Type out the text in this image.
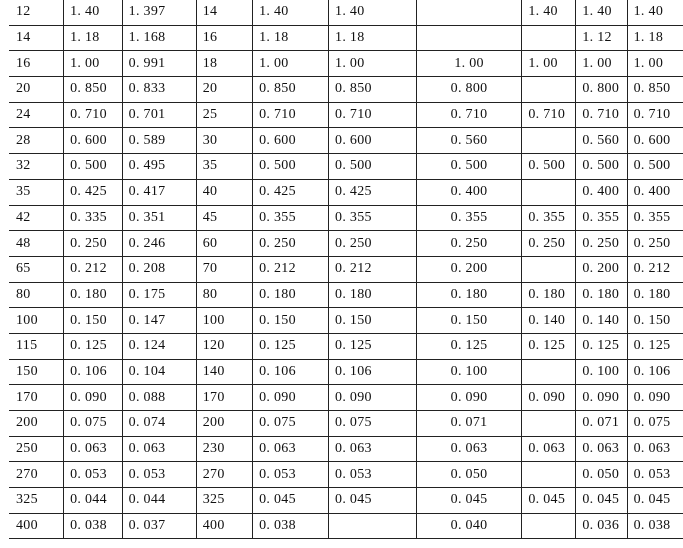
12	1. 40	1. 397	14	1. 40	1. 40		1. 40	1. 40	1. 40
14	1. 18	1. 168	16	1. 18	1. 18			1. 12	1. 18
16	1. 00	0. 991	18	1. 00	1. 00	1. 00	1. 00	1. 00	1. 00
20	0. 850	0. 833	20	0. 850	0. 850	0. 800		0. 800	0. 850
24	0. 710	0. 701	25	0. 710	0. 710	0. 710	0. 710	0. 710	0. 710
28	0. 600	0. 589	30	0. 600	0. 600	0. 560		0. 560	0. 600
32	0. 500	0. 495	35	0. 500	0. 500	0. 500	0. 500	0. 500	0. 500
35	0. 425	0. 417	40	0. 425	0. 425	0. 400		0. 400	0. 400
42	0. 335	0. 351	45	0. 355	0. 355	0. 355	0. 355	0. 355	0. 355
48	0. 250	0. 246	60	0. 250	0. 250	0. 250	0. 250	0. 250	0. 250
65	0. 212	0. 208	70	0. 212	0. 212	0. 200		0. 200	0. 212
80	0. 180	0. 175	80	0. 180	0. 180	0. 180	0. 180	0. 180	0. 180
100	0. 150	0. 147	100	0. 150	0. 150	0. 150	0. 140	0. 140	0. 150
115	0. 125	0. 124	120	0. 125	0. 125	0. 125	0. 125	0. 125	0. 125
150	0. 106	0. 104	140	0. 106	0. 106	0. 100		0. 100	0. 106
170	0. 090	0. 088	170	0. 090	0. 090	0. 090	0. 090	0. 090	0. 090
200	0. 075	0. 074	200	0. 075	0. 075	0. 071		0. 071	0. 075
250	0. 063	0. 063	230	0. 063	0. 063	0. 063	0. 063	0. 063	0. 063
270	0. 053	0. 053	270	0. 053	0. 053	0. 050		0. 050	0. 053
325	0. 044	0. 044	325	0. 045	0. 045	0. 045	0. 045	0. 045	0. 045
400	0. 038	0. 037	400	0. 038		0. 040		0. 036	0. 038
